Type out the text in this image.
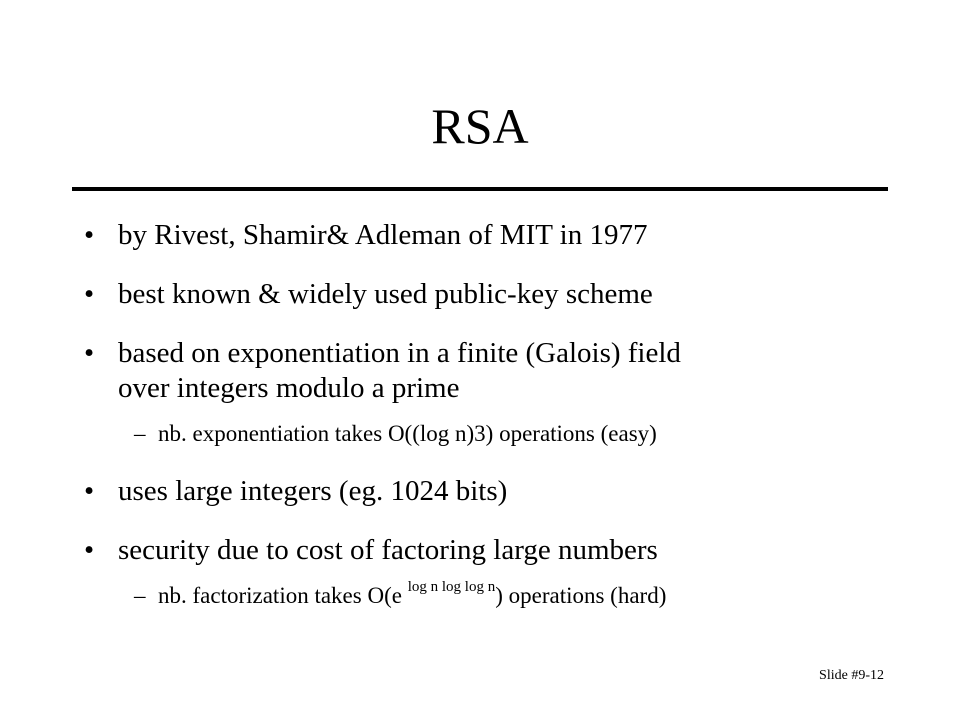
RSA
• by Rivest, Shamir& Adleman of MIT in 1977
• best known & widely used public-key scheme
• based on exponentiation in a finite (Galois) field
over integers modulo a prime
– nb. exponentiation takes O((log n)3) operations (easy)
• uses large integers (eg. 1024 bits)
• security due to cost of factoring large numbers
– nb. factorization takes O(e $^{log n log log n}$) operations (hard)
Slide #9-12
